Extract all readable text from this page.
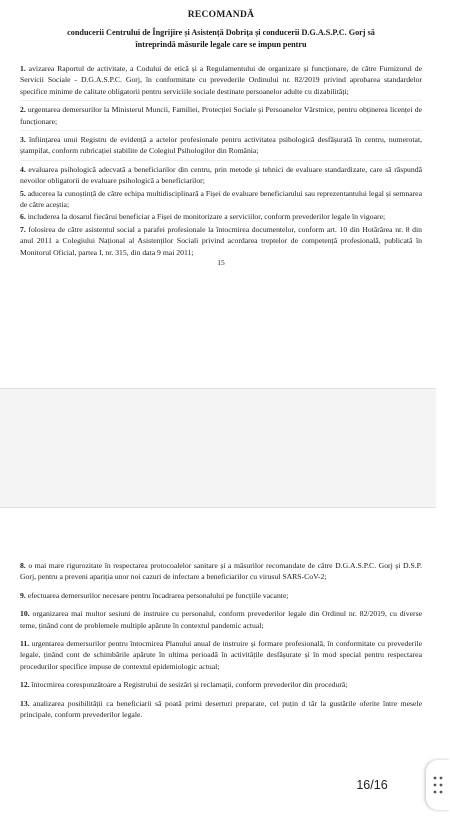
RECOMANDĂ
conducerii Centrului de Îngrijire și Asistență Dobrița și conducerii D.G.A.S.P.C. Gorj să
întreprindă măsurile legale care se impun pentru
1. avizarea Raportul de activitate, a Codului de etică și a Regulamentului de organizare și funcționare, de către Furnizorul de Servicii Sociale - D.G.A.S.P.C. Gorj, în conformitate cu prevederile Ordinului nr. 82/2019 privind aprobarea standardelor specifice minime de calitate obligatorii pentru serviciile sociale destinate persoanelor adulte cu dizabilități;
2. urgentarea demersurilor la Ministerul Muncii, Familiei, Protecției Sociale și Persoanelor Vârstnice, pentru obținerea licenței de funcționare;
3. înființarea unui Registru de evidență a actelor profesionale pentru activitatea psihologică desfășurată în centru, numerotat, ștampilat, conform rubricației stabilite de Colegiul Psihologilor din România;
4. evaluarea psihologică adecvată a beneficiarilor din centru, prin metode și tehnici de evaluare standardizate, care să răspundă nevoilor obligatorii de evaluare psihologică a beneficiarilor;
5. aducerea la cunoștință de către echipa multidisciplinară a Fișei de evaluare beneficiarului sau reprezentantului legal și semnarea de către aceștia;
6. includerea la dosarul fiecărui beneficiar a Fișei de monitorizare a serviciilor, conform prevederilor legale în vigoare;
7. folosirea de către asistentul social a parafei profesionale la întocmirea documentelor, conform art. 10 din Hotărârea nr. 8 din anul 2011 a Colegiului Național al Asistenților Sociali privind acordarea treptelor de competență profesională, publicată în Monitorul Oficial, partea I, nr. 315, din data 9 mai 2011;
15
8. o mai mare rigurozitate în respectarea protocoalelor sanitare și a măsurilor recomandate de către D.G.A.S.P.C. Gorj și D.S.P. Gorj, pentru a preveni apariția unor noi cazuri de infectare a beneficiarilor cu virusul SARS-CoV-2;
9. efectuarea demersurilor necesare pentru încadrarea personalului pe funcțiile vacante;
10. organizarea mai multor sesiuni de instruire cu personalul, conform prevederilor legale din Ordinul nr. 82/2019, cu diverse teme, ținând cont de problemele multiple apărute în contextul pandemic actual;
11. urgentarea demersurilor pentru întocmirea Planului anual de instruire și formare profesională, în conformitate cu prevederile legale, ținând cont de schimbările apărute în ultima perioadă în activitățile desfășurate și în mod special pentru respectarea procedurilor specifice impuse de contextul epidemiologic actual;
12. întocmirea corespunzătoare a Registrului de sesizări și reclamații, conform prevederilor din procedură;
13. analizarea posibilității ca beneficiarii să poată primi deserturi preparate, cel puțin d târ la gustările oferite între mesele principale, conform prevederilor legale.
16/16
